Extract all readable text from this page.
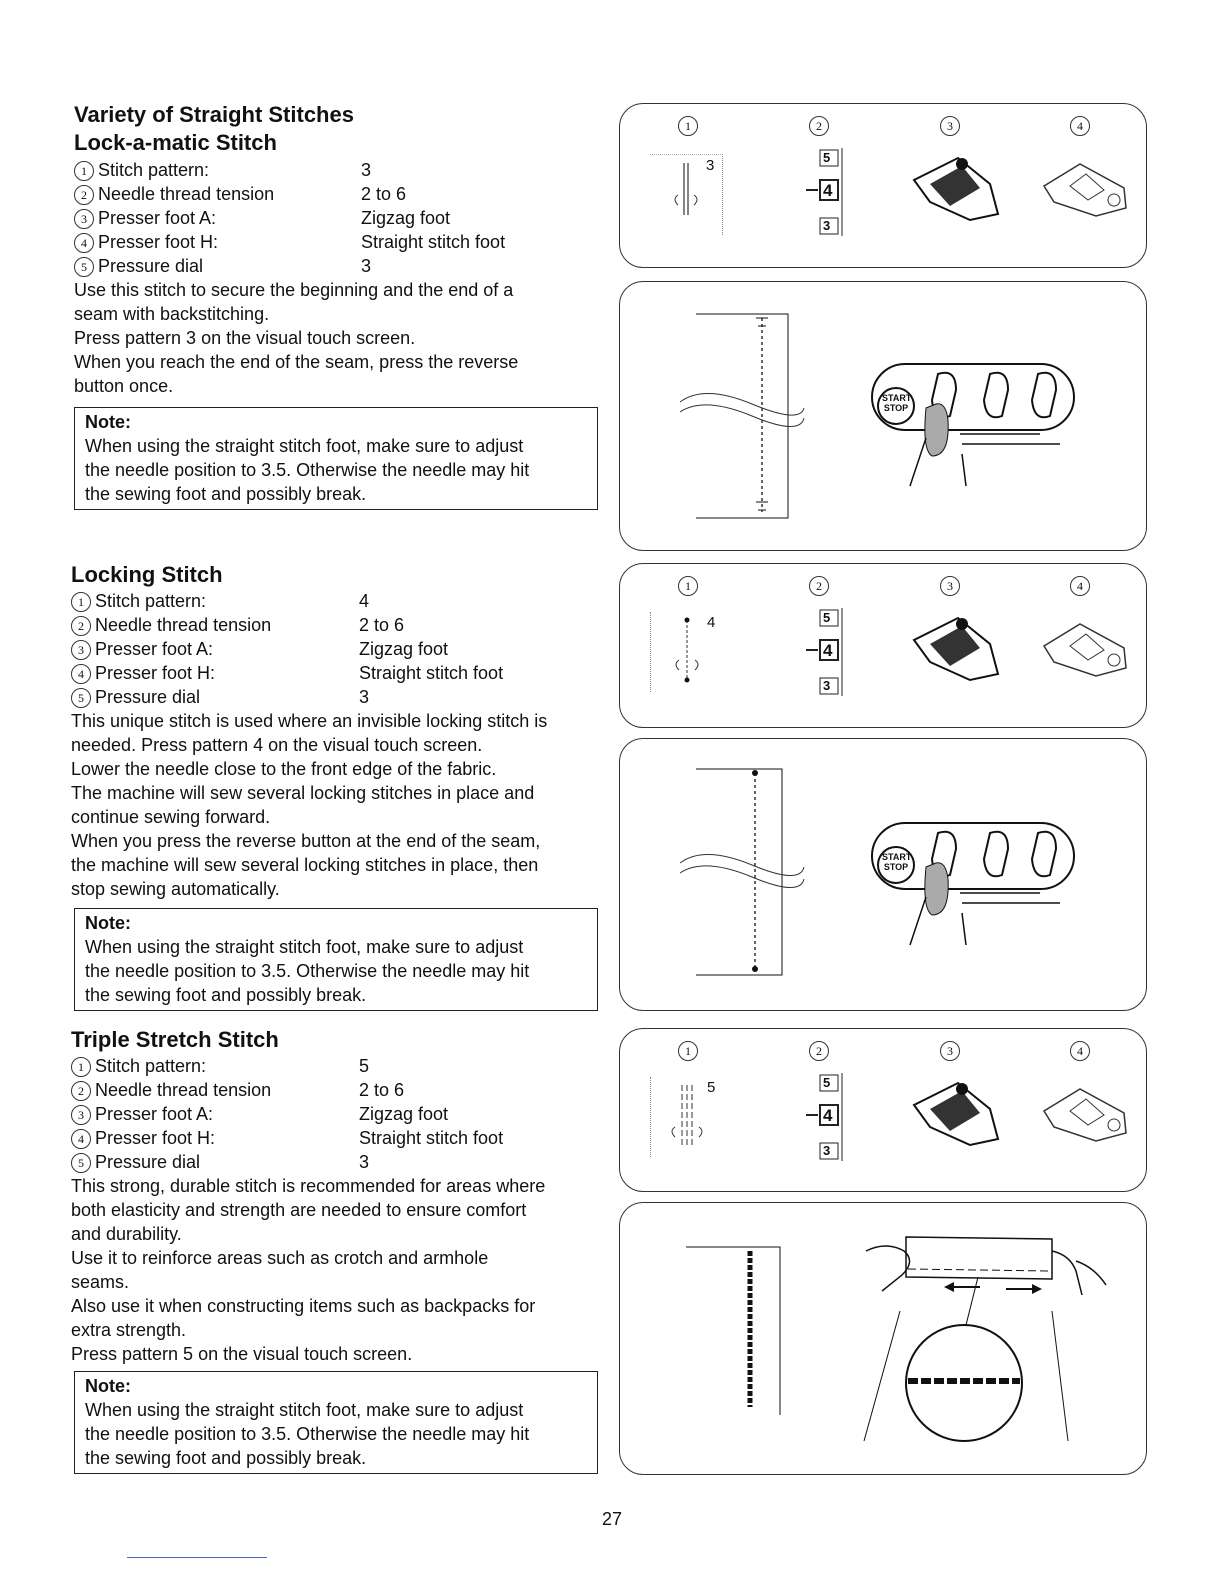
Variety of Straight Stitches
Lock-a-matic Stitch
1 Stitch pattern:	3
2 Needle thread tension	2 to 6
3 Presser foot A:	Zigzag foot
4 Presser foot H:	Straight stitch foot
5 Pressure dial	3
Use this stitch to secure the beginning and the end of a
seam with backstitching.
Press pattern 3 on the visual touch screen.
When you reach the end of the seam, press the reverse
button once.
Note:
When using the straight stitch foot, make sure to adjust
the needle position to 3.5. Otherwise the needle may hit
the sewing foot and possibly break.
Locking Stitch
1 Stitch pattern:	4
2 Needle thread tension	2 to 6
3 Presser foot A:	Zigzag foot
4 Presser foot H:	Straight stitch foot
5 Pressure dial	3
This unique stitch is used where an invisible locking stitch is
needed. Press pattern 4 on the visual touch screen.
Lower the needle close to the front edge of the fabric.
The machine will sew several locking stitches in place and
continue sewing forward.
When you press the reverse button at the end of the seam,
the machine will sew several locking stitches in place, then
stop sewing automatically.
Note:
When using the straight stitch foot, make sure to adjust
the needle position to 3.5. Otherwise the needle may hit
the sewing foot and possibly break.
Triple Stretch Stitch
1 Stitch pattern:	5
2 Needle thread tension	2 to 6
3 Presser foot A:	Zigzag foot
4 Presser foot H:	Straight stitch foot
5 Pressure dial	3
This strong, durable stitch is recommended for areas where
both elasticity and strength are needed to ensure comfort
and durability.
Use it to reinforce areas such as crotch and armhole
seams.
Also use it when constructing items such as backpacks for
extra strength.
Press pattern 5 on the visual touch screen.
Note:
When using the straight stitch foot, make sure to adjust
the needle position to 3.5. Otherwise the needle may hit
the sewing foot and possibly break.
1	2	3	4
3	5
4
3
START STOP
1	2	3	4
4	5
4
3
START STOP
1	2	3	4
5	5
4
3
27
